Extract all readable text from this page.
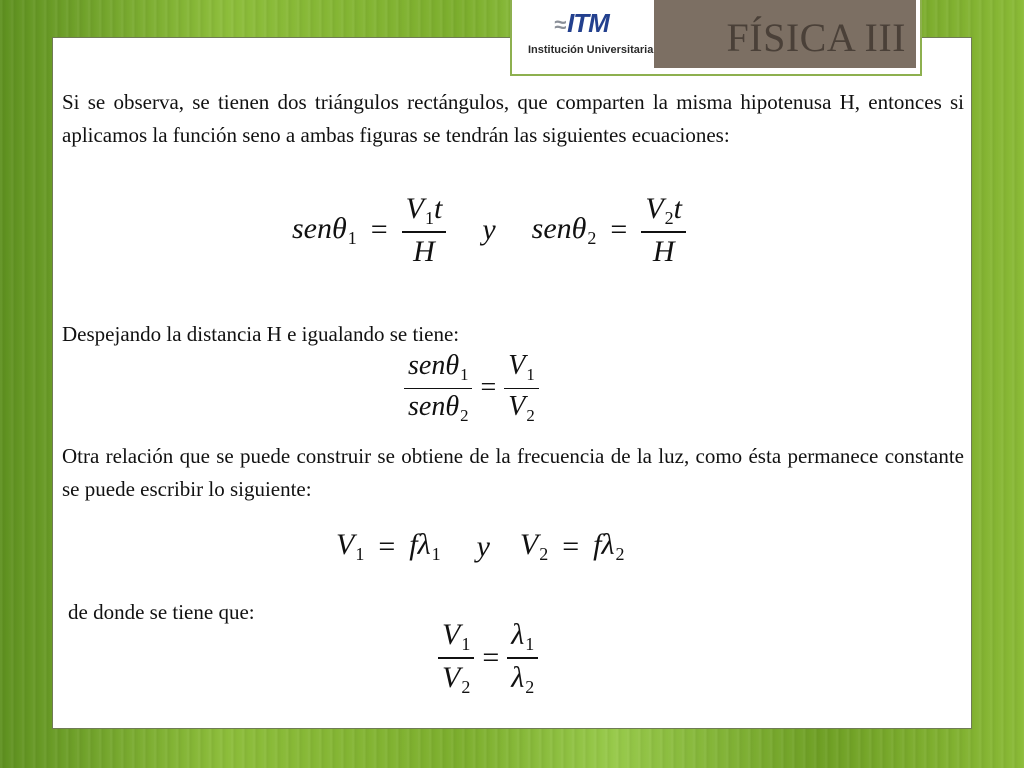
≈ITM
Institución Universitaria FÍSICA III

Si se observa, se tienen dos triángulos rectángulos, que comparten la misma hipotenusa H, entonces si aplicamos la función seno a ambas figuras se tendrán las siguientes ecuaciones:

$sen\theta_1 = \frac{V_1t}{H}$ y $sen\theta_2 = \frac{V_2t}{H}$

Despejando la distancia H e igualando se tiene:

$\frac{sen\theta_1}{sen\theta_2} = \frac{V_1}{V_2}$

Otra relación que se puede construir se obtiene de la frecuencia de la luz, como ésta permanece constante se puede escribir lo siguiente:

$V_1 = f\lambda_1$ y $V_2 = f\lambda_2$

de donde se tiene que:

$\frac{V_1}{V_2} = \frac{\lambda_1}{\lambda_2}$
